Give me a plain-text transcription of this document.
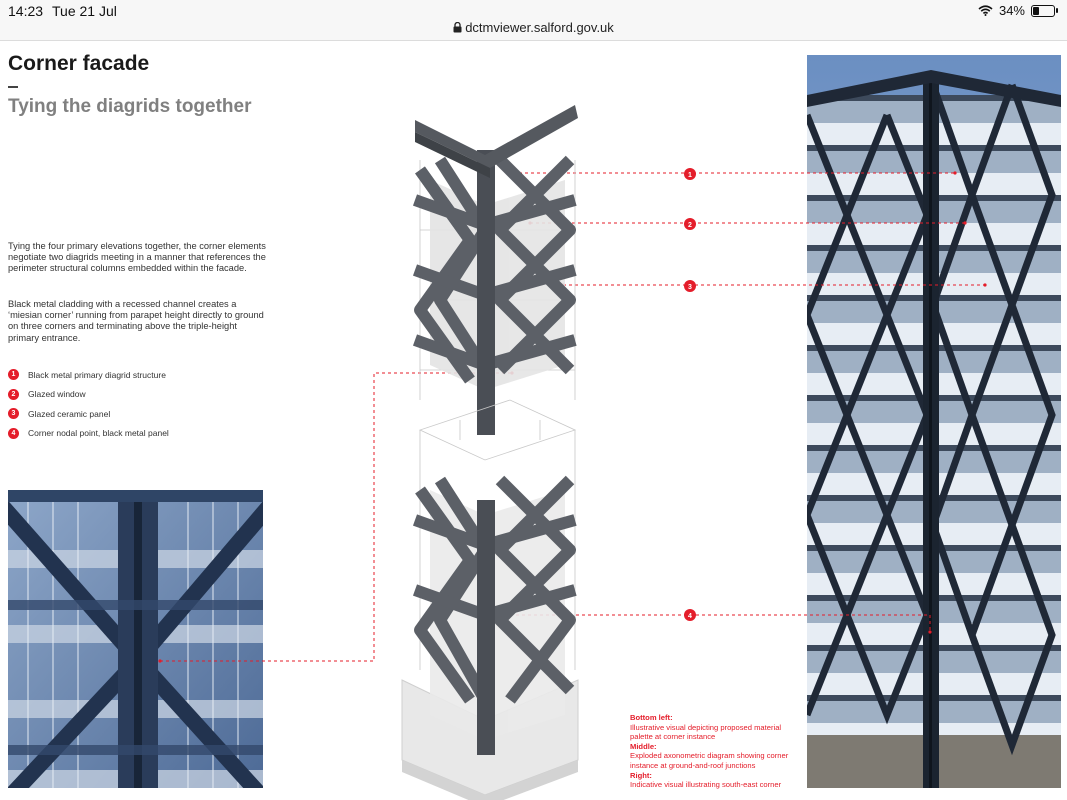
14:23 Tue 21 Jul
dctmviewer.salford.gov.uk
34%
Corner facade
Tying the diagrids together
Tying the four primary elevations together, the corner elements negotiate two diagrids meeting in a manner that references the perimeter structural columns embedded within the facade.
Black metal cladding with a recessed channel creates a ‘miesian corner’ running from parapet height directly to ground on three corners and terminating above the triple-height primary entrance.
1	Black metal primary diagrid structure
2	Glazed window
3	Glazed ceramic panel
4	Corner nodal point, black metal panel
1
2
3
4
Bottom left:
Illustrative visual depicting proposed material palette at corner instance
Middle:
Exploded axonometric diagram showing corner instance at ground-and-roof junctions
Right:
Indicative visual illustrating south-east corner
